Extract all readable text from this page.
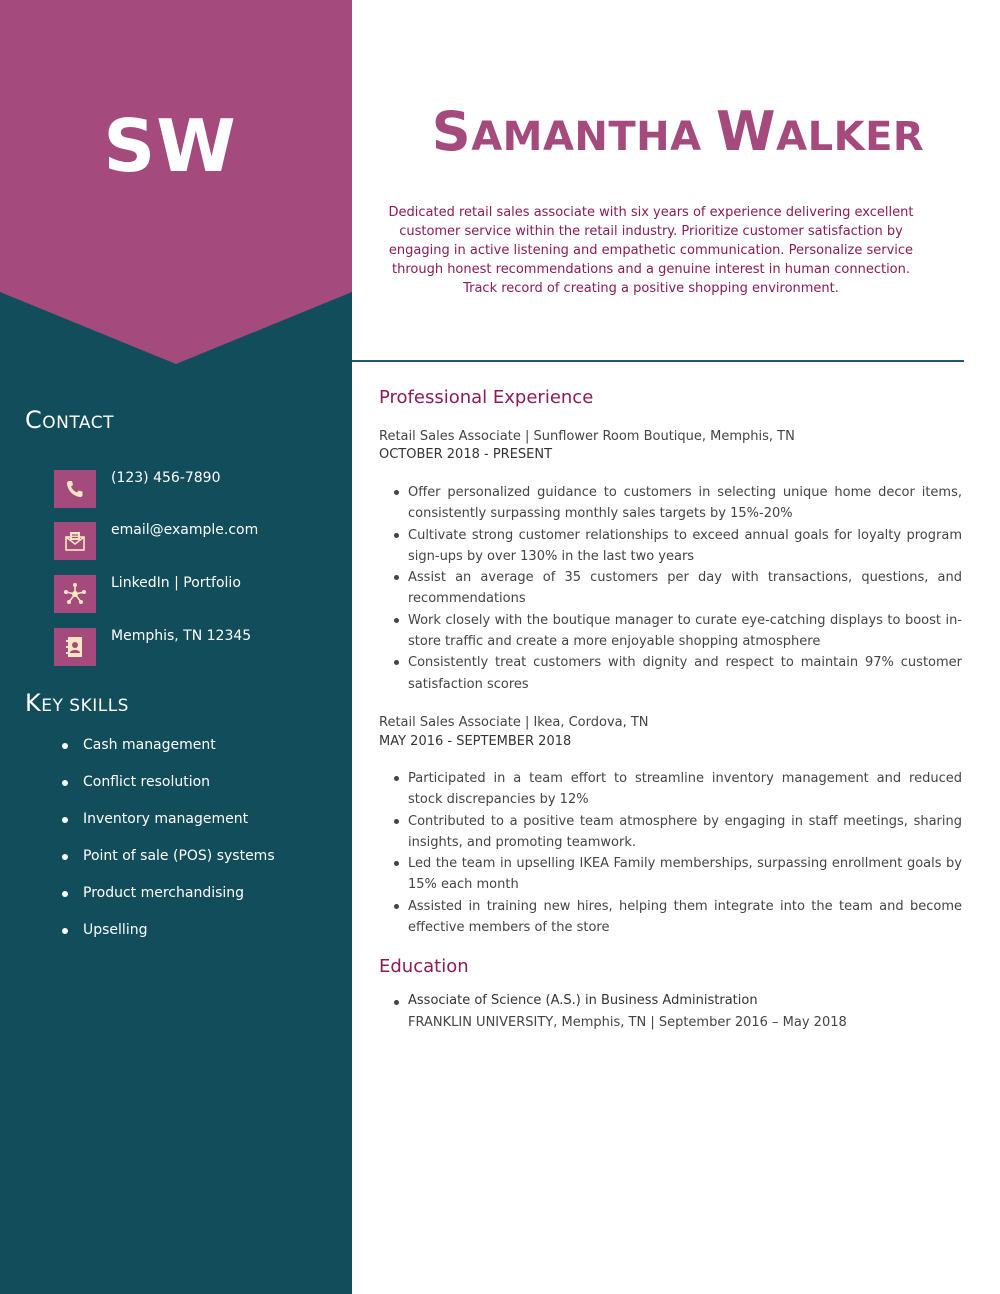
SW
CONTACT
(123) 456-7890
email@example.com
LinkedIn | Portfolio
Memphis, TN 12345
KEY SKILLS
Cash management
Conflict resolution
Inventory management
Point of sale (POS) systems
Product merchandising
Upselling
SAMANTHA WALKER
Dedicated retail sales associate with six years of experience delivering excellent customer service within the retail industry. Prioritize customer satisfaction by engaging in active listening and empathetic communication. Personalize service through honest recommendations and a genuine interest in human connection. Track record of creating a positive shopping environment.
Professional Experience
Retail Sales Associate | Sunflower Room Boutique, Memphis, TN
OCTOBER 2018 - PRESENT
Offer personalized guidance to customers in selecting unique home decor items, consistently surpassing monthly sales targets by 15%-20%
Cultivate strong customer relationships to exceed annual goals for loyalty program sign-ups by over 130% in the last two years
Assist an average of 35 customers per day with transactions, questions, and recommendations
Work closely with the boutique manager to curate eye-catching displays to boost in-store traffic and create a more enjoyable shopping atmosphere
Consistently treat customers with dignity and respect to maintain 97% customer satisfaction scores
Retail Sales Associate | Ikea, Cordova, TN
MAY 2016 - SEPTEMBER 2018
Participated in a team effort to streamline inventory management and reduced stock discrepancies by 12%
Contributed to a positive team atmosphere by engaging in staff meetings, sharing insights, and promoting teamwork.
Led the team in upselling IKEA Family memberships, surpassing enrollment goals by 15% each month
Assisted in training new hires, helping them integrate into the team and become effective members of the store
Education
Associate of Science (A.S.) in Business Administration
FRANKLIN UNIVERSITY, Memphis, TN | September 2016 – May 2018
